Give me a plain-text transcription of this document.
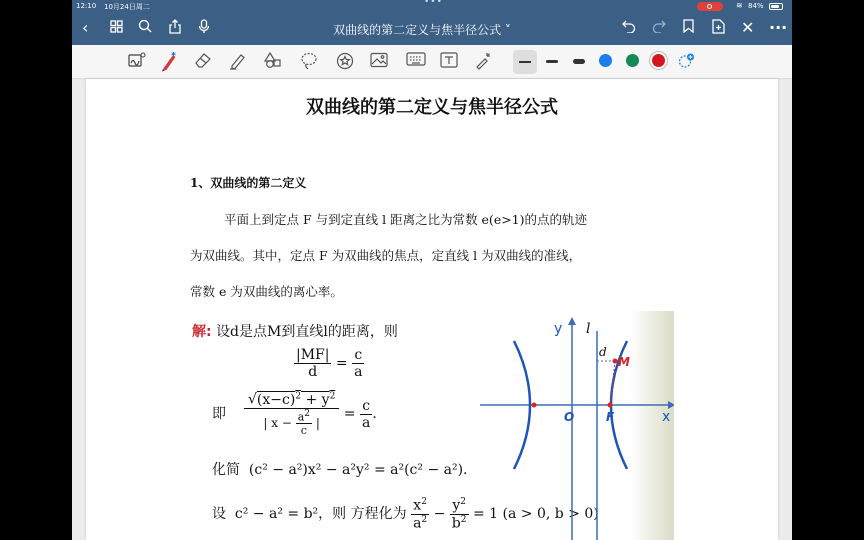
12:10 10月24日周二	•••	≋ 84%
‹	双曲线的第二定义与焦半径公式 ˅	✕ ···
✱
双曲线的第二定义与焦半径公式
1、双曲线的第二定义
平面上到定点 F 与到定直线 l 距离之比为常数 e(e>1)的点的轨迹
为双曲线。其中，定点 F 为双曲线的焦点，定直线 l 为双曲线的准线，
常数 e 为双曲线的离心率。
解: 设d是点M到直线l的距离，则
$\frac{|MF|}{d} = \frac{c}{a}$
即 $\frac{√(x-c)^2 + y^2}{| x - \frac{a^2}{c} |} = \frac{c}{a}$ .
化简 (c² − a²)x² − a²y² = a²(c² − a²).
设 c² − a² = b²，则 方程化为 $\frac{x^2}{a^2} - \frac{y^2}{b^2} = 1$ (a > 0, b > 0)
y l
d
M
O	F	x
